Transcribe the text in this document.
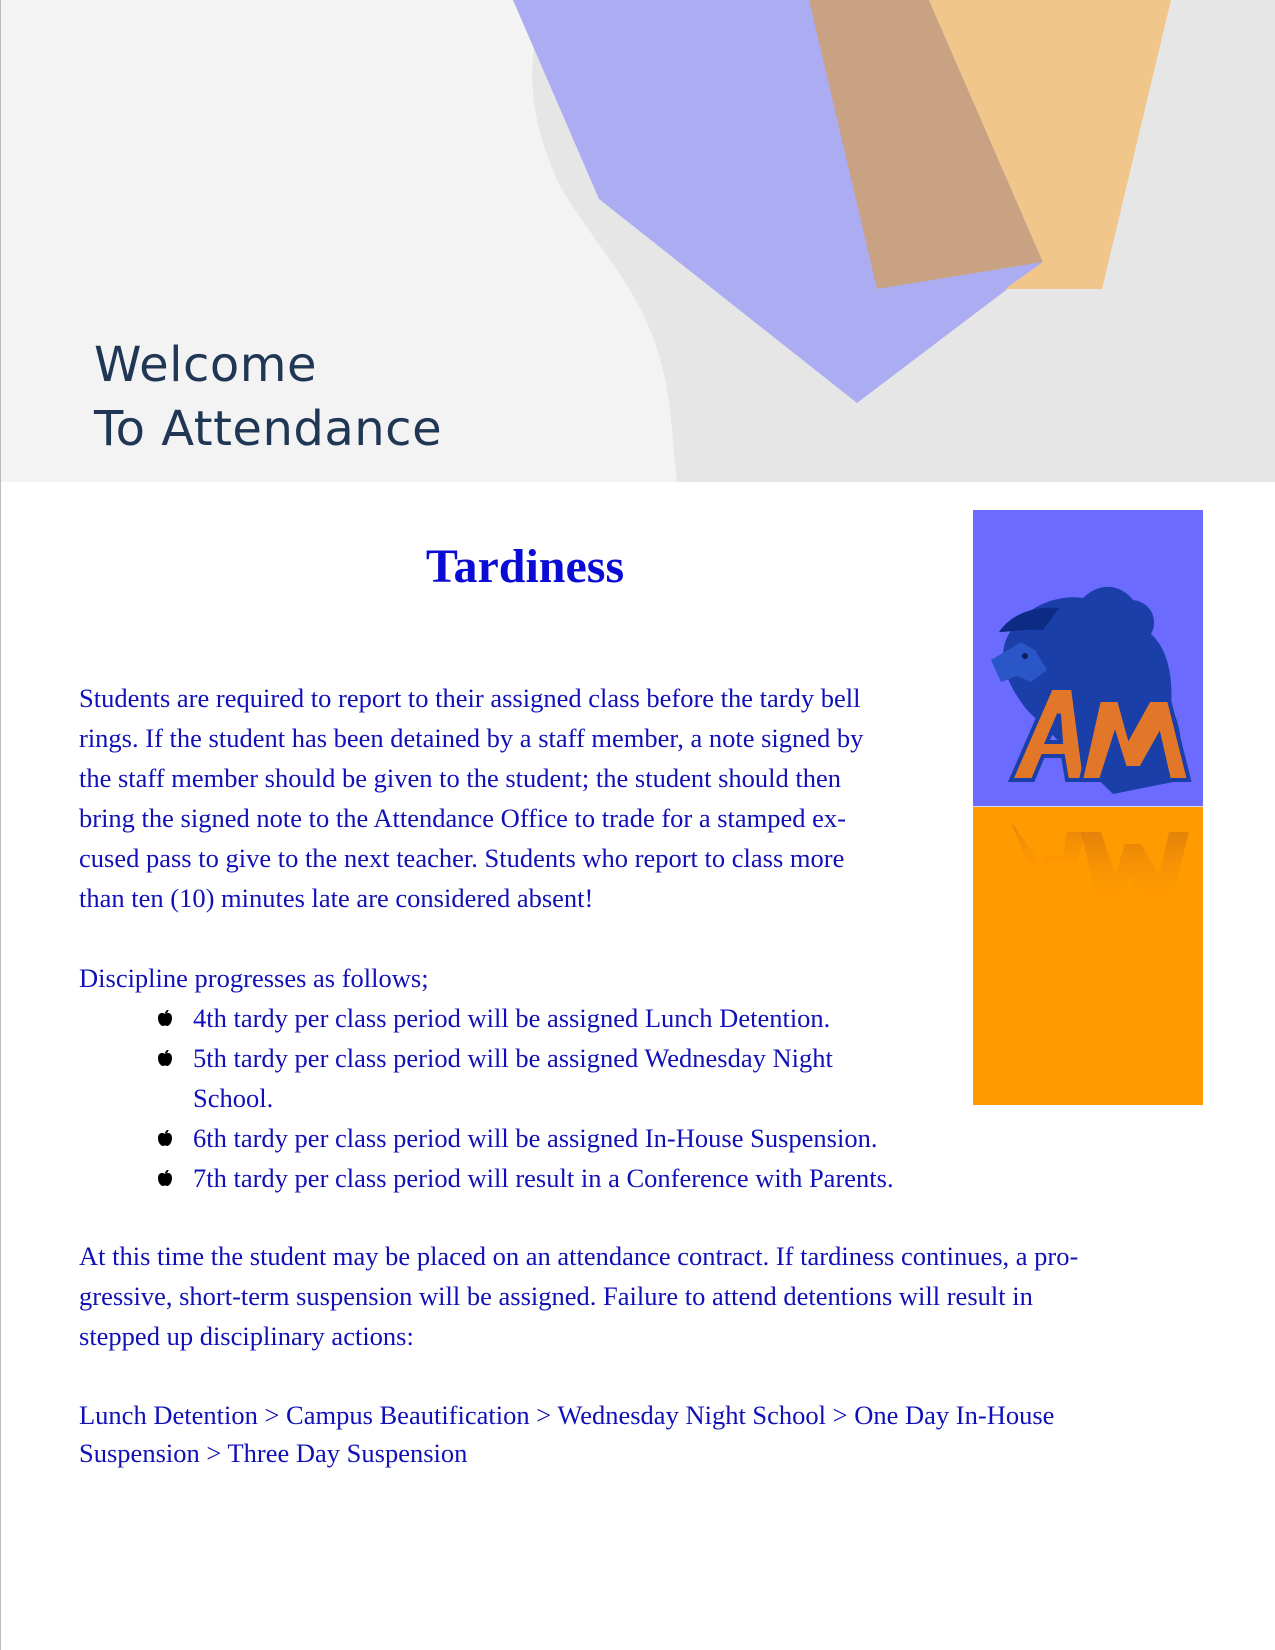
Welcome
To Attendance
Tardiness

Students are required to report to their assigned class before the tardy bell
rings. If the student has been detained by a staff member, a note signed by
the staff member should be given to the student; the student should then
bring the signed note to the Attendance Office to trade for a stamped ex-
cused pass to give to the next teacher. Students who report to class more
than ten (10) minutes late are considered absent!

Discipline progresses as follows;

4th tardy per class period will be assigned Lunch Detention.
5th tardy per class period will be assigned Wednesday Night
School.
6th tardy per class period will be assigned In-House Suspension.
7th tardy per class period will result in a Conference with Parents.

At this time the student may be placed on an attendance contract. If tardiness continues, a pro-
gressive, short-term suspension will be assigned. Failure to attend detentions will result in
stepped up disciplinary actions:

Lunch Detention > Campus Beautification > Wednesday Night School > One Day In-House
Suspension > Three Day Suspension
